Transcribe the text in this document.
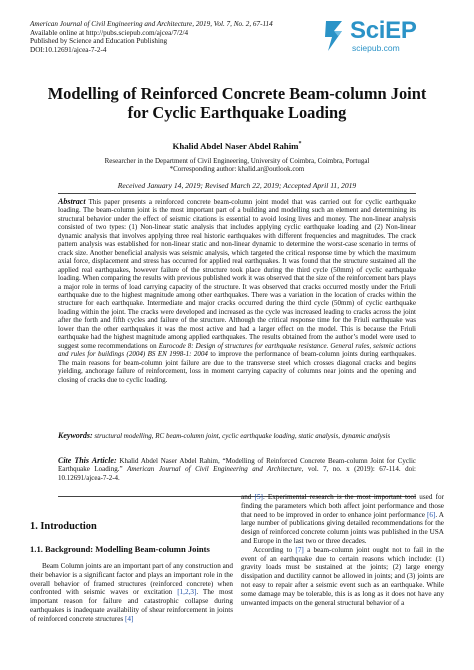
American Journal of Civil Engineering and Architecture, 2019, Vol. 7, No. 2, 67-114
Available online at http://pubs.sciepub.com/ajcea/7/2/4
Published by Science and Education Publishing
DOI:10.12691/ajcea-7-2-4
SciEP
sciepub.com
Modelling of Reinforced Concrete Beam-column Joint
for Cyclic Earthquake Loading
Khalid Abdel Naser Abdel Rahim*
Researcher in the Department of Civil Engineering, University of Coimbra, Coimbra, Portugal
*Corresponding author: khalid.ar@outlook.com
Received January 14, 2019; Revised March 22, 2019; Accepted April 11, 2019
Abstract This paper presents a reinforced concrete beam-column joint model that was carried out for cyclic earthquake loading. The beam-column joint is the most important part of a building and modelling such an element and determining its structural behavior under the effect of seismic citations is essential to avoid losing lives and money. The non-linear analysis consisted of two types: (1) Non-linear static analysis that includes applying cyclic earthquake loading and (2) Non-linear dynamic analysis that involves applying three real historic earthquakes with different frequencies and magnitudes. The crack pattern analysis was established for non-linear static and non-linear dynamic to determine the worst-case scenario in terms of crack size. Another beneficial analysis was seismic analysis, which targeted the critical response time by which the maximum axial force, displacement and stress has occurred for applied real earthquakes. It was found that the structure sustained all the applied real earthquakes, however failure of the structure took place during the third cycle (50mm) of cyclic earthquake loading. When comparing the results with previous published work it was observed that the size of the reinforcement bars plays a major role in terms of load carrying capacity of the structure. It was observed that cracks occurred mostly under the Friuli earthquake due to the highest magnitude among other earthquakes. There was a variation in the location of cracks within the structure for each earthquake. Intermediate and major cracks occurred during the third cycle (50mm) of cyclic earthquake loading within the joint. The cracks were developed and increased as the cycle was increased leading to cracks across the joint after the forth and fifth cycles and failure of the structure. Although the critical response time for the Friuli earthquake was lower than the other earthquakes it was the most active and had a larger effect on the model. This is because the Friuli earthquake had the highest magnitude among applied earthquakes. The results obtained from the author’s model were used to suggest some recommendations on Eurocode 8: Design of structures for earthquake resistance. General rules, seismic actions and rules for buildings (2004) BS EN 1998-1: 2004 to improve the performance of beam-column joints during earthquakes. The main reasons for beam-column joint failure are due to the transverse steel which crosses diagonal cracks and begins yielding, anchorage failure of reinforcement, loss in moment carrying capacity of columns near joints and the opening and closing of cracks due to cyclic loading.
Keywords: structural modelling, RC beam-column joint, cyclic earthquake loading, static analysis, dynamic analysis
Cite This Article: Khalid Abdel Naser Abdel Rahim, “Modelling of Reinforced Concrete Beam-column Joint for Cyclic Earthquake Loading.” American Journal of Civil Engineering and Architecture, vol. 7, no. x (2019): 67-114. doi: 10.12691/ajcea-7-2-4.
1. Introduction
1.1. Background: Modelling Beam-column Joints
Beam Column joints are an important part of any construction and their behavior is a significant factor and plays an important role in the overall behavior of framed structures (reinforced concrete) when confronted with seismic waves or excitation [1,2,3]. The most important reason for failure and catastrophic collapse during earthquakes is inadequate availability of shear reinforcement in joints of reinforced concrete structures [4]
and [5]. Experimental research is the most important tool used for finding the parameters which both affect joint performance and those that need to be improved in order to enhance joint performance [6]. A large number of publications giving detailed recommendations for the design of reinforced concrete column joints was published in the USA and Europe in the last two or three decades.
According to [7] a beam-column joint ought not to fail in the event of an earthquake due to certain reasons which include: (1) gravity loads must be sustained at the joints; (2) large energy dissipation and ductility cannot be allowed in joints; and (3) joints are not easy to repair after a seismic event such as an earthquake. While some damage may be tolerable, this is as long as it does not have any unwanted impacts on the general structural behavior of a
